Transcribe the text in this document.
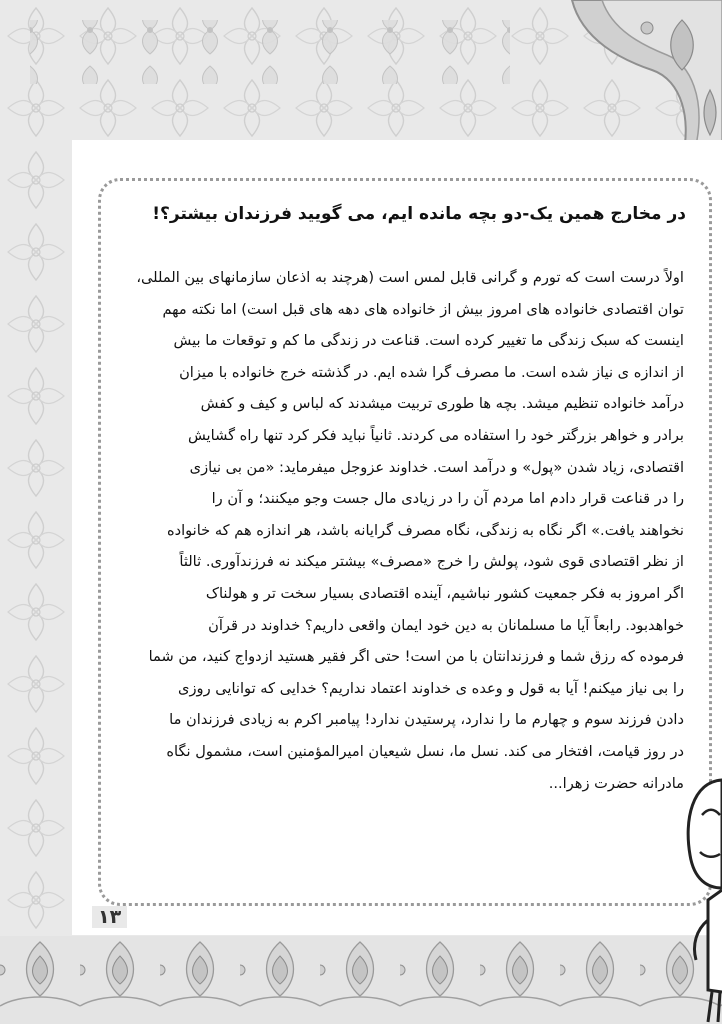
در مخارج همین یک-دو بچه مانده ایم، می گویید فرزندان بیشتر؟!
اولاً درست است که تورم و گرانی قابل لمس است (هرچند به اذعان سازمانهای بین المللی،
توان اقتصادی خانواده های امروز بیش از خانواده های دهه های قبل است) اما نکته مهم
اینست که سبک زندگی ما تغییر کرده است. قناعت در زندگی ما کم و توقعات ما بیش
از اندازه ی نیاز شده است. ما مصرف گرا شده ایم. در گذشته خرج خانواده با میزان
درآمد خانواده تنظیم میشد. بچه ها طوری تربیت میشدند که لباس و کیف و کفش
برادر و خواهر بزرگتر خود را استفاده می کردند. ثانیاً نباید فکر کرد تنها راه گشایش
اقتصادی، زیاد شدن «پول» و درآمد است. خداوند عزوجل میفرماید: «من بی نیازی
را در قناعت قرار دادم اما مردم آن را در زیادی مال جست وجو میکنند؛ و آن را
نخواهند یافت.» اگر نگاه به زندگی، نگاه مصرف گرایانه باشد، هر اندازه هم که خانواده
از نظر اقتصادی قوی شود، پولش را خرج «مصرف» بیشتر میکند نه فرزندآوری. ثالثاً
اگر امروز به فکر جمعیت کشور نباشیم، آینده اقتصادی بسیار سخت تر و هولناک
خواهدبود. رابعاً آیا ما مسلمانان به دین خود ایمان واقعی داریم؟ خداوند در قرآن
فرموده که رزق شما و فرزندانتان با من است! حتی اگر فقیر هستید ازدواج کنید، من شما
را بی نیاز میکنم! آیا به قول و وعده ی خداوند اعتماد نداریم؟ خدایی که توانایی روزی
دادن فرزند سوم و چهارم ما را ندارد، پرستیدن ندارد! پیامبر اکرم به زیادی فرزندان ما
در روز قیامت، افتخار می کند. نسل ما، نسل شیعیان امیرالمؤمنین است، مشمول نگاه
مادرانه حضرت زهرا...
۱۳
